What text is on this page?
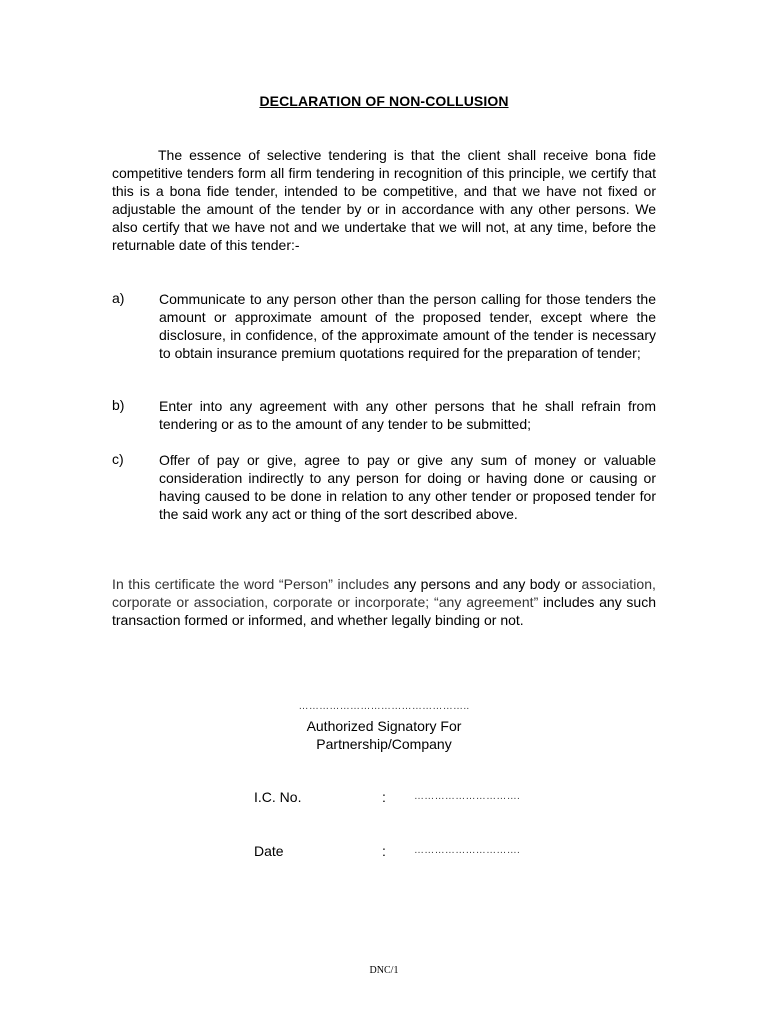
DECLARATION OF NON-COLLUSION

The essence of selective tendering is that the client shall receive bona fide competitive tenders form all firm tendering in recognition of this principle, we certify that this is a bona fide tender, intended to be competitive, and that we have not fixed or adjustable the amount of the tender by or in accordance with any other persons. We also certify that we have not and we undertake that we will not, at any time, before the returnable date of this tender:-

a)	Communicate to any person other than the person calling for those tenders the amount or approximate amount of the proposed tender, except where the disclosure, in confidence, of the approximate amount of the tender is necessary to obtain insurance premium quotations required for the preparation of tender;

b)	Enter into any agreement with any other persons that he shall refrain from tendering or as to the amount of any tender to be submitted;

c)	Offer of pay or give, agree to pay or give any sum of money or valuable consideration indirectly to any person for doing or having done or causing or having caused to be done in relation to any other tender or proposed tender for the said work any act or thing of the sort described above.

In this certificate the word “Person” includes any persons and any body or association, corporate or association, corporate or incorporate; “any agreement” includes any such transaction formed or informed, and whether legally binding or not.

…………………………………………..
Authorized Signatory For
Partnership/Company
I.C. No.	:	………………………….
Date	:	………………………….
DNC/1
